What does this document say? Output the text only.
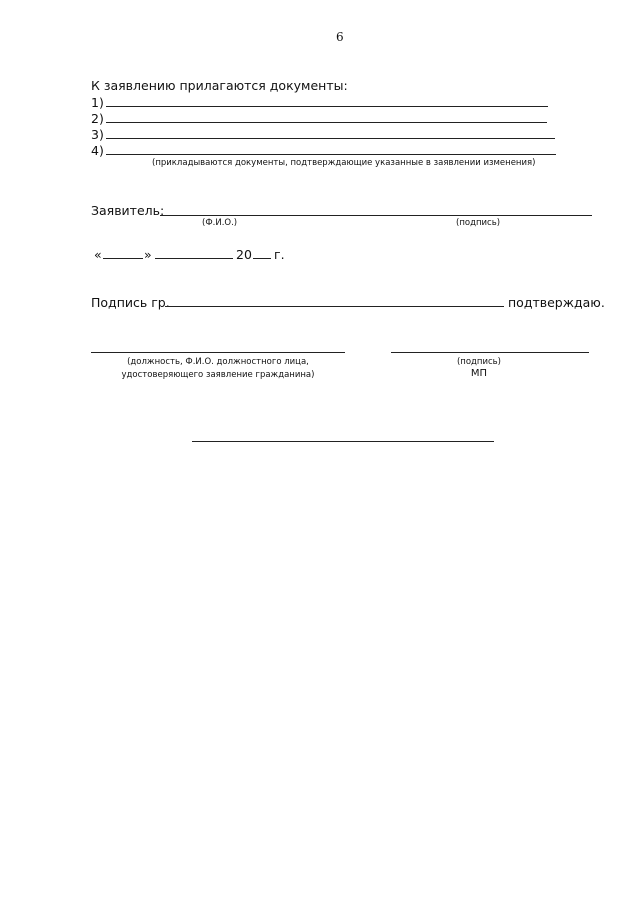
6
К заявлению прилагаются документы:
1)
2)
3)
4)
(прикладываются документы, подтверждающие указанные в заявлении изменения)
Заявитель:
(Ф.И.О.)	(подпись)
«	»	20 г.
Подпись гр.	подтверждаю.
(должность, Ф.И.О. должностного лица,
удостоверяющего заявление гражданина)
(подпись)
МП
